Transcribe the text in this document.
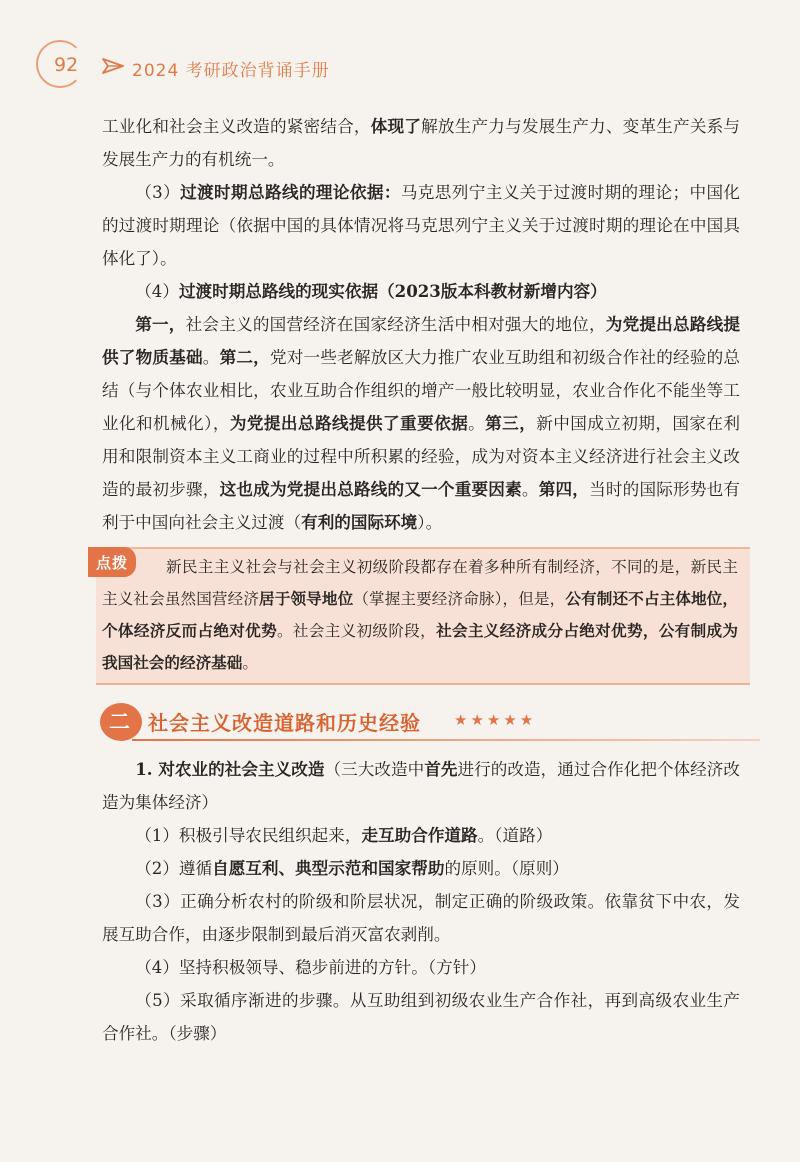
92	2024 考研政治背诵手册

工业化和社会主义改造的紧密结合，体现了解放生产力与发展生产力、变革生产关系与发展生产力的有机统一。

（3）过渡时期总路线的理论依据：马克思列宁主义关于过渡时期的理论；中国化的过渡时期理论（依据中国的具体情况将马克思列宁主义关于过渡时期的理论在中国具体化了）。

（4）过渡时期总路线的现实依据（2023版本科教材新增内容）

第一，社会主义的国营经济在国家经济生活中相对强大的地位，为党提出总路线提供了物质基础。第二，党对一些老解放区大力推广农业互助组和初级合作社的经验的总结（与个体农业相比，农业互助合作组织的增产一般比较明显，农业合作化不能坐等工业化和机械化），为党提出总路线提供了重要依据。第三，新中国成立初期，国家在利用和限制资本主义工商业的过程中所积累的经验，成为对资本主义经济进行社会主义改造的最初步骤，这也成为党提出总路线的又一个重要因素。第四，当时的国际形势也有利于中国向社会主义过渡（有利的国际环境）。

点拨	新民主主义社会与社会主义初级阶段都存在着多种所有制经济，不同的是，新民主主义社会虽然国营经济居于领导地位（掌握主要经济命脉），但是，公有制还不占主体地位，个体经济反而占绝对优势。社会主义初级阶段，社会主义经济成分占绝对优势，公有制成为我国社会的经济基础。

二 社会主义改造道路和历史经验 ★★★★★

1. 对农业的社会主义改造（三大改造中首先进行的改造，通过合作化把个体经济改造为集体经济）

（1）积极引导农民组织起来，走互助合作道路。（道路）

（2）遵循自愿互利、典型示范和国家帮助的原则。（原则）

（3）正确分析农村的阶级和阶层状况，制定正确的阶级政策。依靠贫下中农，发展互助合作，由逐步限制到最后消灭富农剥削。

（4）坚持积极领导、稳步前进的方针。（方针）

（5）采取循序渐进的步骤。从互助组到初级农业生产合作社，再到高级农业生产合作社。（步骤）
